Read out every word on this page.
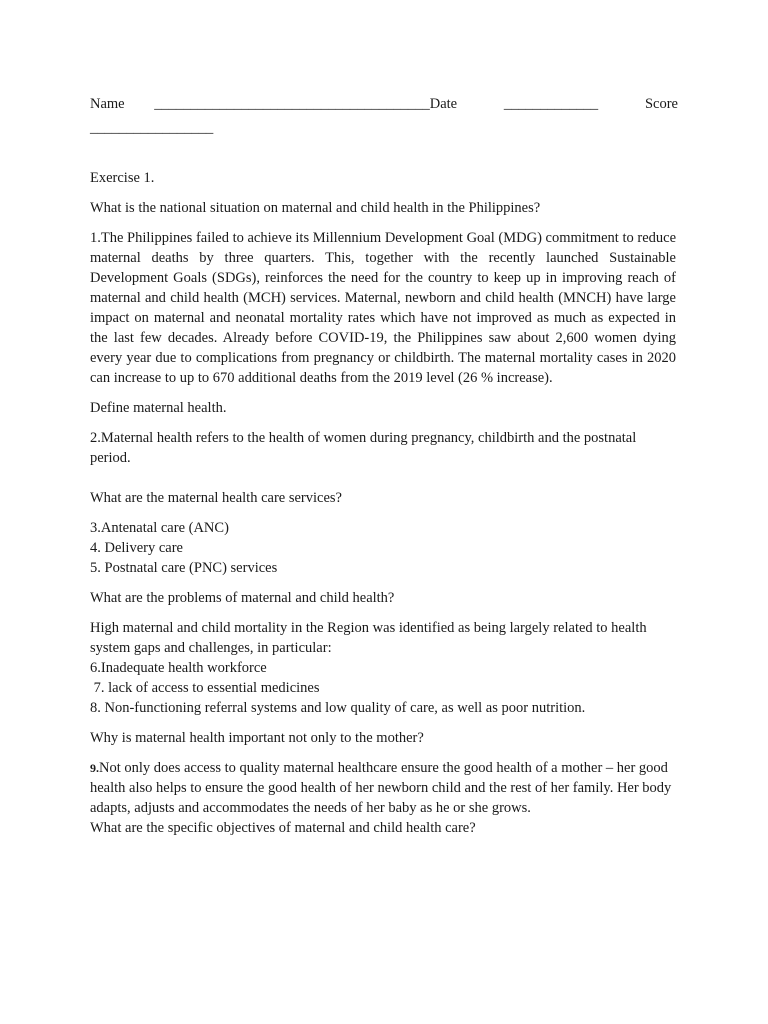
Name ______________________________________Date	_____________	Score
_________________

Exercise 1.

What is the national situation on maternal and child health in the Philippines?

1.The Philippines failed to achieve its Millennium Development Goal (MDG) commitment to reduce maternal deaths by three quarters. This, together with the recently launched Sustainable Development Goals (SDGs), reinforces the need for the country to keep up in improving reach of maternal and child health (MCH) services. Maternal, newborn and child health (MNCH) have large impact on maternal and neonatal mortality rates which have not improved as much as expected in the last few decades. Already before COVID-19, the Philippines saw about 2,600 women dying every year due to complications from pregnancy or childbirth. The maternal mortality cases in 2020 can increase to up to 670 additional deaths from the 2019 level (26 % increase).

Define maternal health.

2.Maternal health refers to the health of women during pregnancy, childbirth and the postnatal period.

What are the maternal health care services?

3.Antenatal care (ANC)

4. Delivery care

5. Postnatal care (PNC) services

What are the problems of maternal and child health?

High maternal and child mortality in the Region was identified as being largely related to health system gaps and challenges, in particular:

6.Inadequate health workforce

7. lack of access to essential medicines

8. Non-functioning referral systems and low quality of care, as well as poor nutrition.

Why is maternal health important not only to the mother?

9.Not only does access to quality maternal healthcare ensure the good health of a mother – her good health also helps to ensure the good health of her newborn child and the rest of her family. Her body adapts, adjusts and accommodates the needs of her baby as he or she grows.

What are the specific objectives of maternal and child health care?
